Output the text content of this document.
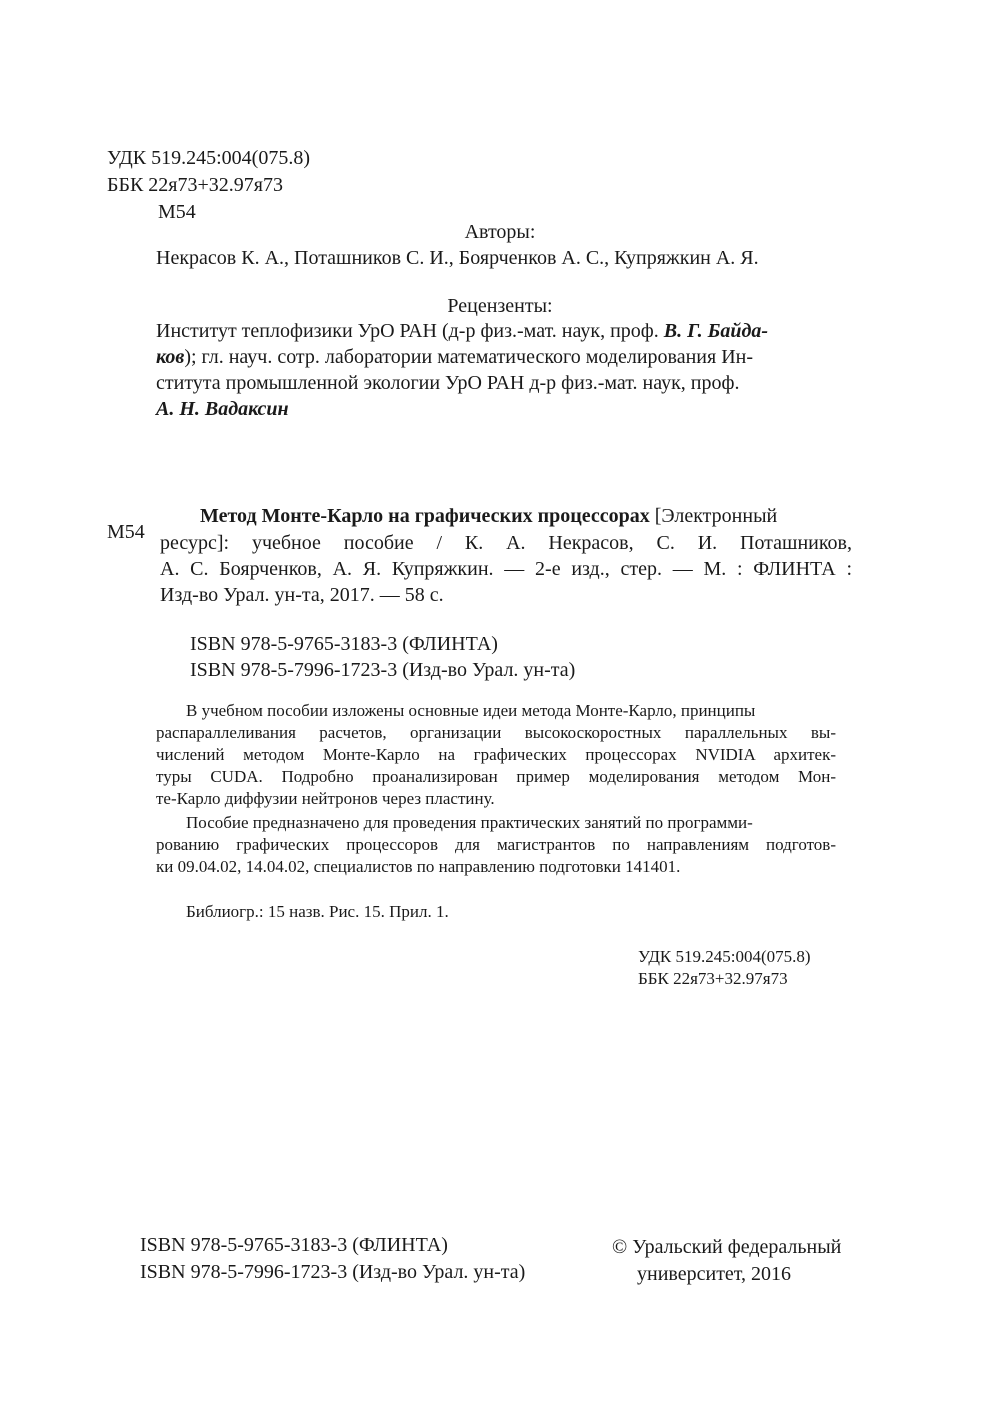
УДК 519.245:004(075.8)
ББК 22я73+32.97я73
М54
Авторы:
Некрасов К. А., Поташников С. И., Боярченков А. С., Купряжкин А. Я.
Рецензенты:
Институт теплофизики УрО РАН (д-р физ.-мат. наук, проф. В. Г. Байда-
ков); гл. науч. сотр. лаборатории математического моделирования Ин-
ститута промышленной экологии УрО РАН д-р физ.-мат. наук, проф.
А. Н. Вадаксин
М54
Метод Монте-Карло на графических процессорах [Электронный
ресурс]: учебное пособие / К. А. Некрасов, С. И. Поташников,
А. С. Боярченков, А. Я. Купряжкин. — 2-е изд., стер. — М. : ФЛИНТА :
Изд-во Урал. ун-та, 2017. — 58 с.
ISBN 978-5-9765-3183-3 (ФЛИНТА)
ISBN 978-5-7996-1723-3 (Изд-во Урал. ун-та)
В учебном пособии изложены основные идеи метода Монте-Карло, принципы
распараллеливания расчетов, организации высокоскоростных параллельных вы-
числений методом Монте-Карло на графических процессорах NVIDIA архитек-
туры CUDA. Подробно проанализирован пример моделирования методом Мон-
те-Карло диффузии нейтронов через пластину.
Пособие предназначено для проведения практических занятий по программи-
рованию графических процессоров для магистрантов по направлениям подготов-
ки 09.04.02, 14.04.02, специалистов по направлению подготовки 141401.
Библиогр.: 15 назв. Рис. 15. Прил. 1.
УДК 519.245:004(075.8)
ББК 22я73+32.97я73
ISBN 978-5-9765-3183-3 (ФЛИНТА)
ISBN 978-5-7996-1723-3 (Изд-во Урал. ун-та)
© Уральский федеральный
университет, 2016
